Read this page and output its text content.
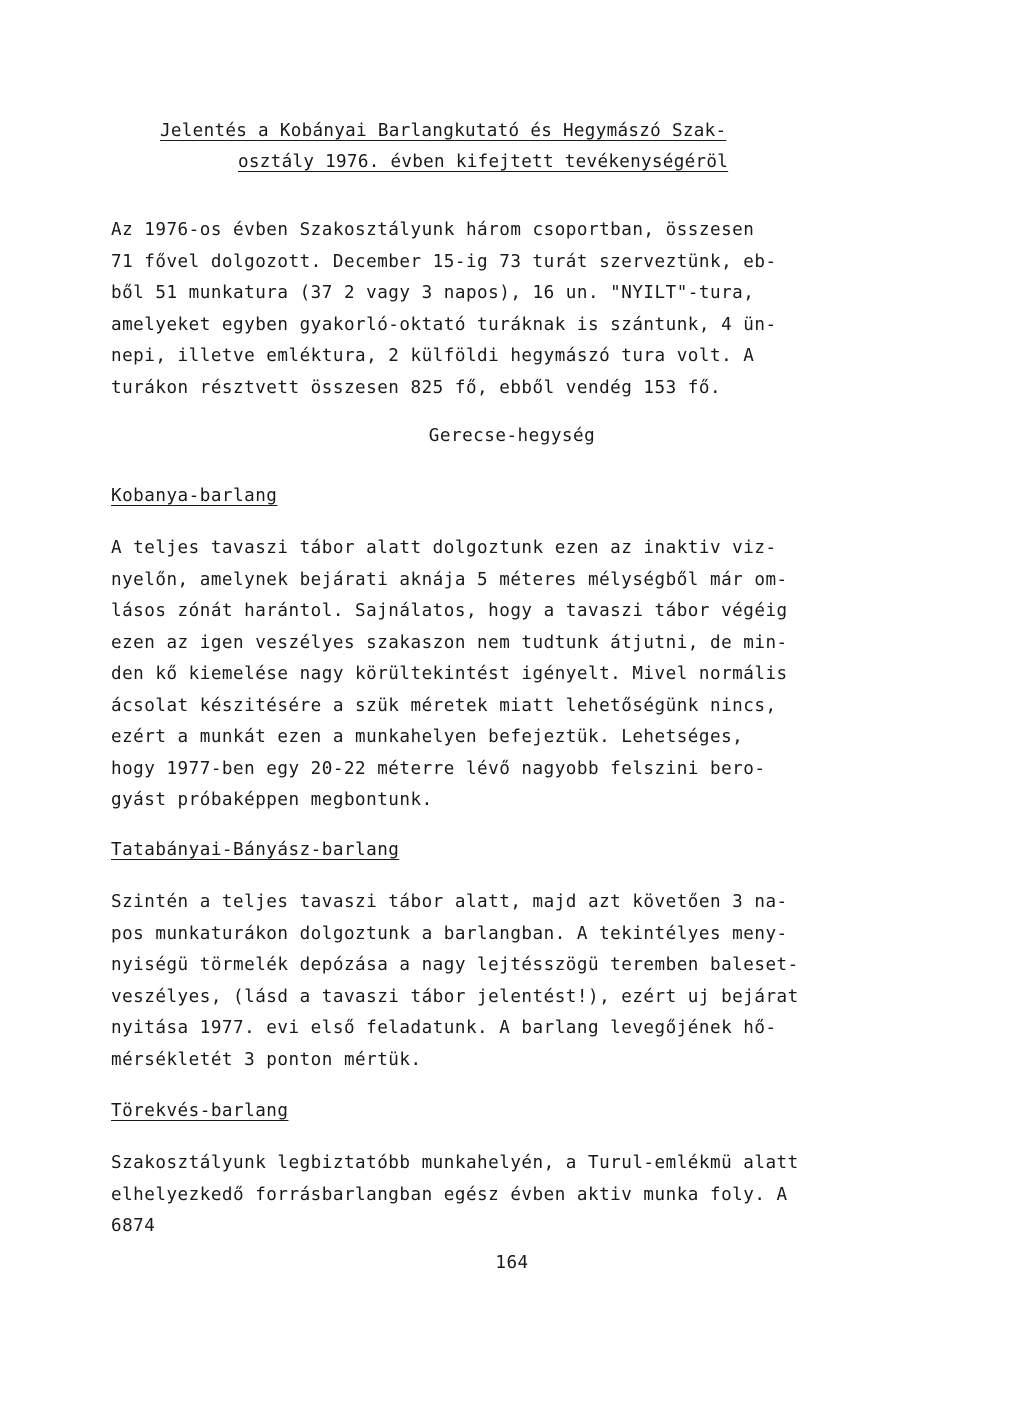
Jelentés a Kobányai Barlangkutató és Hegymászó Szak-
osztály 1976. évben kifejtett tevékenységéröl
Az 1976-os évben Szakosztályunk három csoportban, összesen
71 fővel dolgozott. December 15-ig 73 turát szerveztünk, eb-
ből 51 munkatura (37 2 vagy 3 napos), 16 un. "NYILT"-tura,
amelyeket egyben gyakorló-oktató turáknak is szántunk, 4 ün-
nepi, illetve emléktura, 2 külföldi hegymászó tura volt. A
turákon résztvett összesen 825 fő, ebből vendég 153 fő.
Gerecse-hegység
Kobanya-barlang
A teljes tavaszi tábor alatt dolgoztunk ezen az inaktiv viz-
nyelőn, amelynek bejárati aknája 5 méteres mélységből már om-
lásos zónát harántol. Sajnálatos, hogy a tavaszi tábor végéig
ezen az igen veszélyes szakaszon nem tudtunk átjutni, de min-
den kő kiemelése nagy körültekintést igényelt. Mivel normális
ácsolat készitésére a szük méretek miatt lehetőségünk nincs,
ezért a munkát ezen a munkahelyen befejeztük. Lehetséges,
hogy 1977-ben egy 20-22 méterre lévő nagyobb felszini bero-
gyást próbaképpen megbontunk.
Tatabányai-Bányász-barlang
Szintén a teljes tavaszi tábor alatt, majd azt követően 3 na-
pos munkaturákon dolgoztunk a barlangban. A tekintélyes meny-
nyiségü törmelék depózása a nagy lejtésszögü teremben baleset-
veszélyes, (lásd a tavaszi tábor jelentést!), ezért uj bejárat
nyitása 1977. evi első feladatunk. A barlang levegőjének hő-
mérsékletét 3 ponton mértük.
Törekvés-barlang
Szakosztályunk legbiztatóbb munkahelyén, a Turul-emlékmü alatt
elhelyezkedő forrásbarlangban egész évben aktiv munka foly. A
6874
164
